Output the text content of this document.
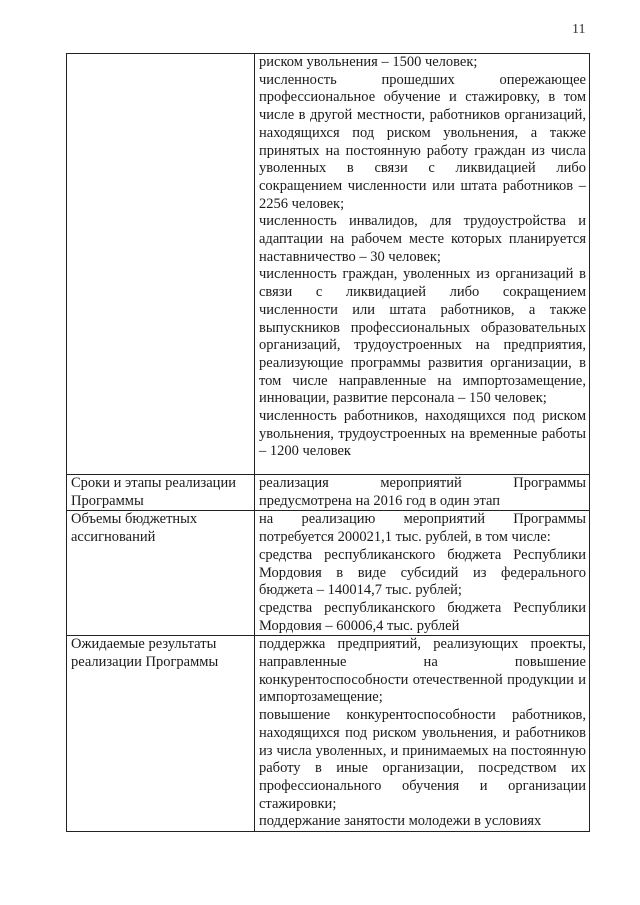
11

	риском увольнения – 1500 человек;
численность прошедших опережающее профессиональное обучение и стажировку, в том числе в другой местности, работников организаций, находящихся под риском увольнения, а также принятых на постоянную работу граждан из числа уволенных в связи с ликвидацией либо сокращением численности или штата работников – 2256 человек;
численность инвалидов, для трудоустройства и адаптации на рабочем месте которых планируется наставничество – 30 человек;
численность граждан, уволенных из организаций в связи с ликвидацией либо сокращением численности или штата работников, а также выпускников профессиональных образовательных организаций, трудоустроенных на предприятия, реализующие программы развития организации, в том числе направленные на импортозамещение, инновации, развитие персонала – 150 человек;
численность работников, находящихся под риском увольнения, трудоустроенных на временные работы – 1200 человек

Сроки и этапы реализации Программы	реализация мероприятий Программы предусмотрена на 2016 год в один этап

Объемы бюджетных ассигнований	на реализацию мероприятий Программы потребуется 200021,1 тыс. рублей, в том числе:
средства республиканского бюджета Республики Мордовия в виде субсидий из федерального бюджета – 140014,7 тыс. рублей;
средства республиканского бюджета Республики Мордовия – 60006,4 тыс. рублей

Ожидаемые результаты реализации Программы	поддержка предприятий, реализующих проекты, направленные на повышение конкурентоспособности отечественной продукции и импортозамещение;
повышение конкурентоспособности работников, находящихся под риском увольнения, и работников из числа уволенных, и принимаемых на постоянную работу в иные организации, посредством их профессионального обучения и организации стажировки;
поддержание занятости молодежи в условиях
